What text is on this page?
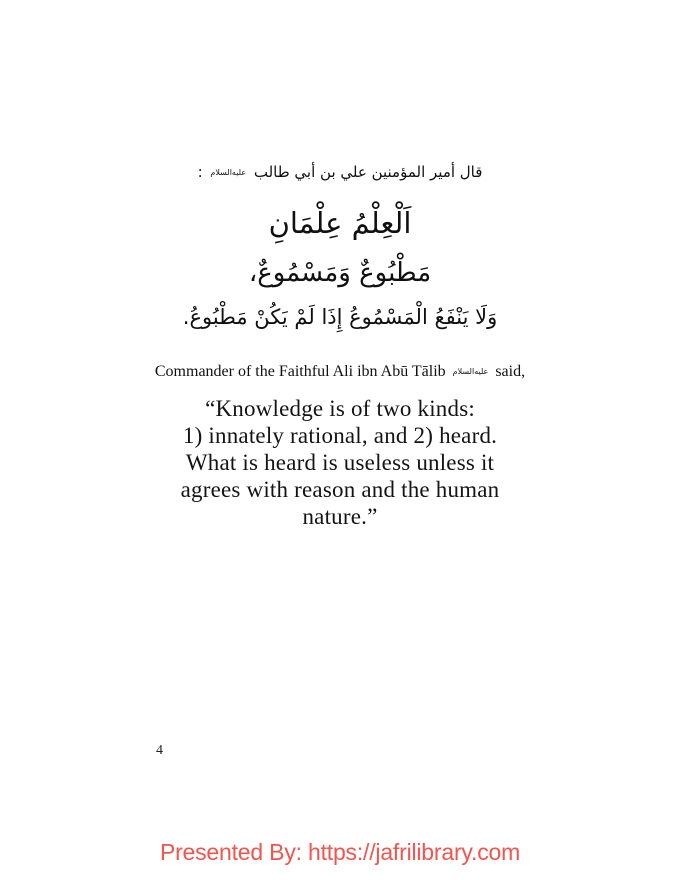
قال أمير المؤمنين علي بن أبي طالب عليه‌السلام :
اَلْعِلْمُ عِلْمَانِ
مَطْبُوعٌ وَمَسْمُوعٌ،
وَلَا يَنْفَعُ الْمَسْمُوعُ إِذَا لَمْ يَكُنْ مَطْبُوعُ.
Commander of the Faithful Ali ibn Abū Tālib عليه‌السلام said,
“Knowledge is of two kinds:
1) innately rational, and 2) heard.
What is heard is useless unless it
agrees with reason and the human
nature.”
4
Presented By: https://jafrilibrary.com
